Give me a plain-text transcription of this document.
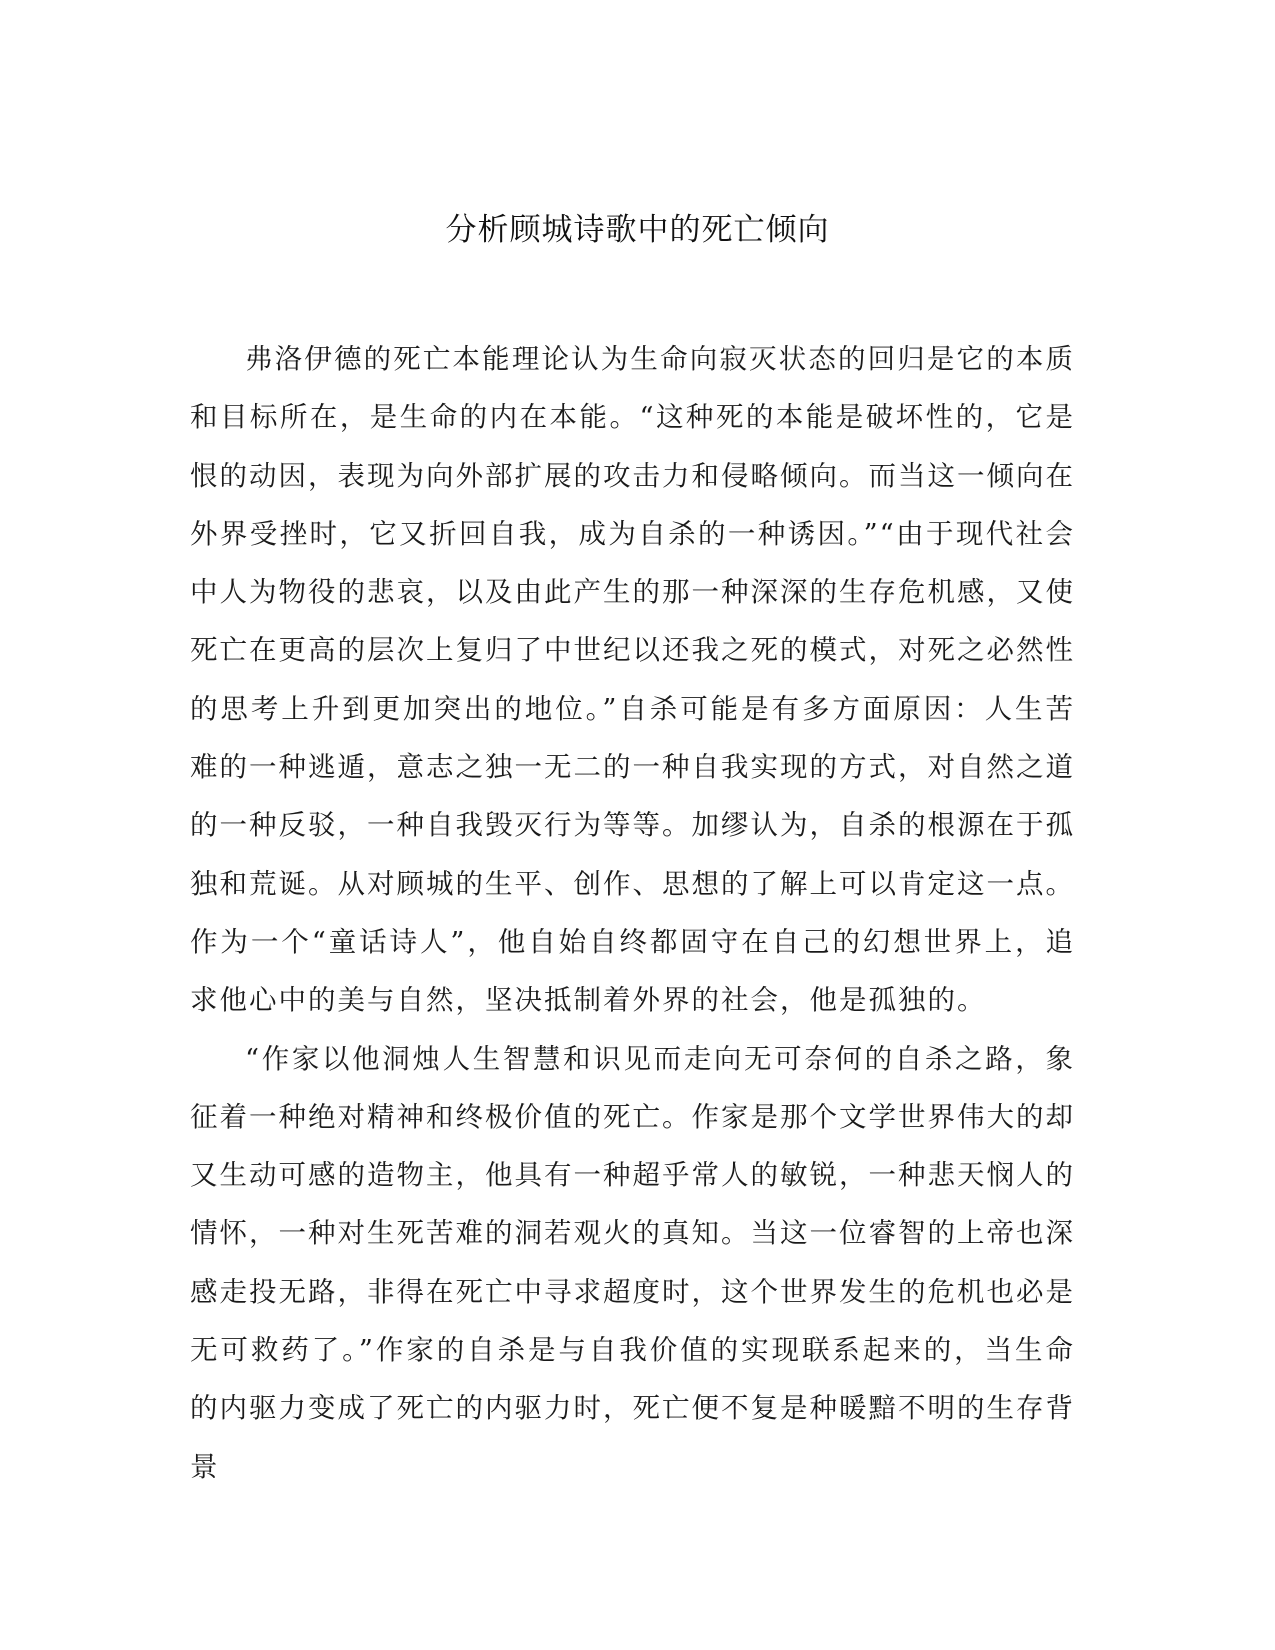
分析顾城诗歌中的死亡倾向

弗洛伊德的死亡本能理论认为生命向寂灭状态的回归是它的本质和目标所在，是生命的内在本能。“这种死的本能是破坏性的，它是恨的动因，表现为向外部扩展的攻击力和侵略倾向。而当这一倾向在外界受挫时，它又折回自我，成为自杀的一种诱因。”“由于现代社会中人为物役的悲哀，以及由此产生的那一种深深的生存危机感，又使死亡在更高的层次上复归了中世纪以还我之死的模式，对死之必然性的思考上升到更加突出的地位。”自杀可能是有多方面原因：人生苦难的一种逃遁，意志之独一无二的一种自我实现的方式，对自然之道的一种反驳，一种自我毁灭行为等等。加缪认为，自杀的根源在于孤独和荒诞。从对顾城的生平、创作、思想的了解上可以肯定这一点。作为一个“童话诗人”，他自始自终都固守在自己的幻想世界上，追求他心中的美与自然，坚决抵制着外界的社会，他是孤独的。

“作家以他洞烛人生智慧和识见而走向无可奈何的自杀之路，象征着一种绝对精神和终极价值的死亡。作家是那个文学世界伟大的却又生动可感的造物主，他具有一种超乎常人的敏锐，一种悲天悯人的情怀，一种对生死苦难的洞若观火的真知。当这一位睿智的上帝也深感走投无路，非得在死亡中寻求超度时，这个世界发生的危机也必是无可救药了。”作家的自杀是与自我价值的实现联系起来的，当生命的内驱力变成了死亡的内驱力时，死亡便不复是种暖黯不明的生存背景
